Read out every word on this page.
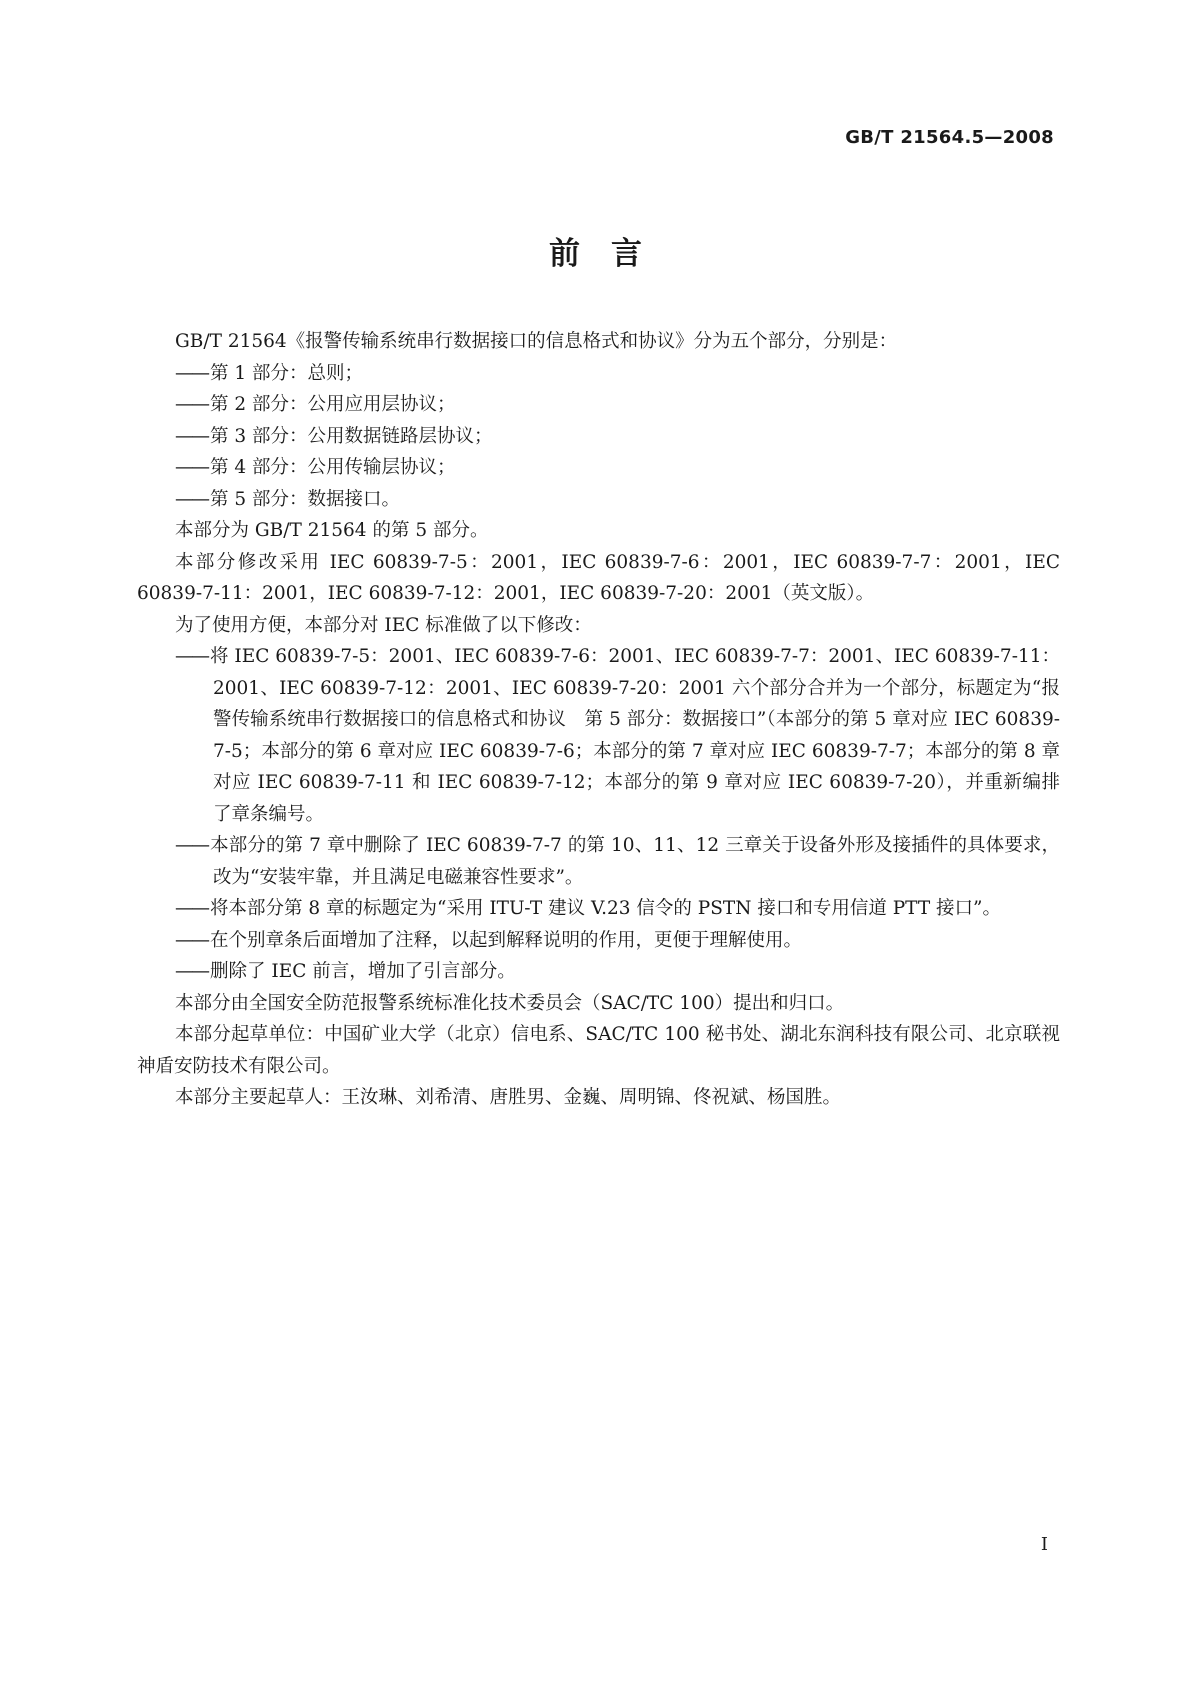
GB/T 21564.5—2008
前　言

GB/T 21564《报警传输系统串行数据接口的信息格式和协议》分为五个部分，分别是：

—— 第 1 部分：总则；

—— 第 2 部分：公用应用层协议；

—— 第 3 部分：公用数据链路层协议；

—— 第 4 部分：公用传输层协议；

—— 第 5 部分：数据接口。

本部分为 GB/T 21564 的第 5 部分。

本部分修改采用 IEC 60839-7-5：2001，IEC 60839-7-6：2001，IEC 60839-7-7：2001，IEC 60839-7-11：2001，IEC 60839-7-12：2001，IEC 60839-7-20：2001（英文版）。

为了使用方便，本部分对 IEC 标准做了以下修改：

—— 将 IEC 60839-7-5：2001、IEC 60839-7-6：2001、IEC 60839-7-7：2001、IEC 60839-7-11：2001、IEC 60839-7-12：2001、IEC 60839-7-20：2001 六个部分合并为一个部分，标题定为“报警传输系统串行数据接口的信息格式和协议　第 5 部分：数据接口”（本部分的第 5 章对应 IEC 60839-7-5；本部分的第 6 章对应 IEC 60839-7-6；本部分的第 7 章对应 IEC 60839-7-7；本部分的第 8 章对应 IEC 60839-7-11 和 IEC 60839-7-12；本部分的第 9 章对应 IEC 60839-7-20），并重新编排了章条编号。

—— 本部分的第 7 章中删除了 IEC 60839-7-7 的第 10、11、12 三章关于设备外形及接插件的具体要求，改为“安装牢靠，并且满足电磁兼容性要求”。

—— 将本部分第 8 章的标题定为“采用 ITU-T 建议 V.23 信令的 PSTN 接口和专用信道 PTT 接口”。

—— 在个别章条后面增加了注释，以起到解释说明的作用，更便于理解使用。

—— 删除了 IEC 前言，增加了引言部分。

本部分由全国安全防范报警系统标准化技术委员会（SAC/TC 100）提出和归口。

本部分起草单位：中国矿业大学（北京）信电系、SAC/TC 100 秘书处、湖北东润科技有限公司、北京联视神盾安防技术有限公司。

本部分主要起草人：王汝琳、刘希清、唐胜男、金巍、周明锦、佟祝斌、杨国胜。

I
